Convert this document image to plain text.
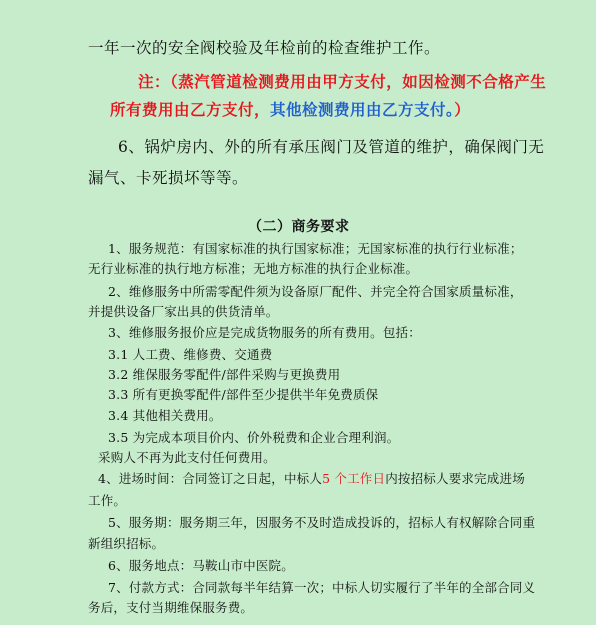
一年一次的安全阀校验及年检前的检查维护工作。
注：（蒸汽管道检测费用由甲方支付，如因检测不合格产生
所有费用由乙方支付，其他检测费用由乙方支付。）
6、锅炉房内、外的所有承压阀门及管道的维护，确保阀门无
漏气、卡死损坏等等。
（二）商务要求
1、服务规范：有国家标准的执行国家标准；无国家标准的执行行业标准；
无行业标准的执行地方标准；无地方标准的执行企业标准。
2、维修服务中所需零配件须为设备原厂配件、并完全符合国家质量标准，
并提供设备厂家出具的供货清单。
3、维修服务报价应是完成货物服务的所有费用。包括：
3.1 人工费、维修费、交通费
3.2 维保服务零配件/部件采购与更换费用
3.3 所有更换零配件/部件至少提供半年免费质保
3.4 其他相关费用。
3.5 为完成本项目价内、价外税费和企业合理利润。
采购人不再为此支付任何费用。
4、进场时间：合同签订之日起，中标人5 个工作日内按招标人要求完成进场
工作。
5、服务期：服务期三年，因服务不及时造成投诉的，招标人有权解除合同重
新组织招标。
6、服务地点：马鞍山市中医院。
7、付款方式：合同款每半年结算一次；中标人切实履行了半年的全部合同义
务后，支付当期维保服务费。
